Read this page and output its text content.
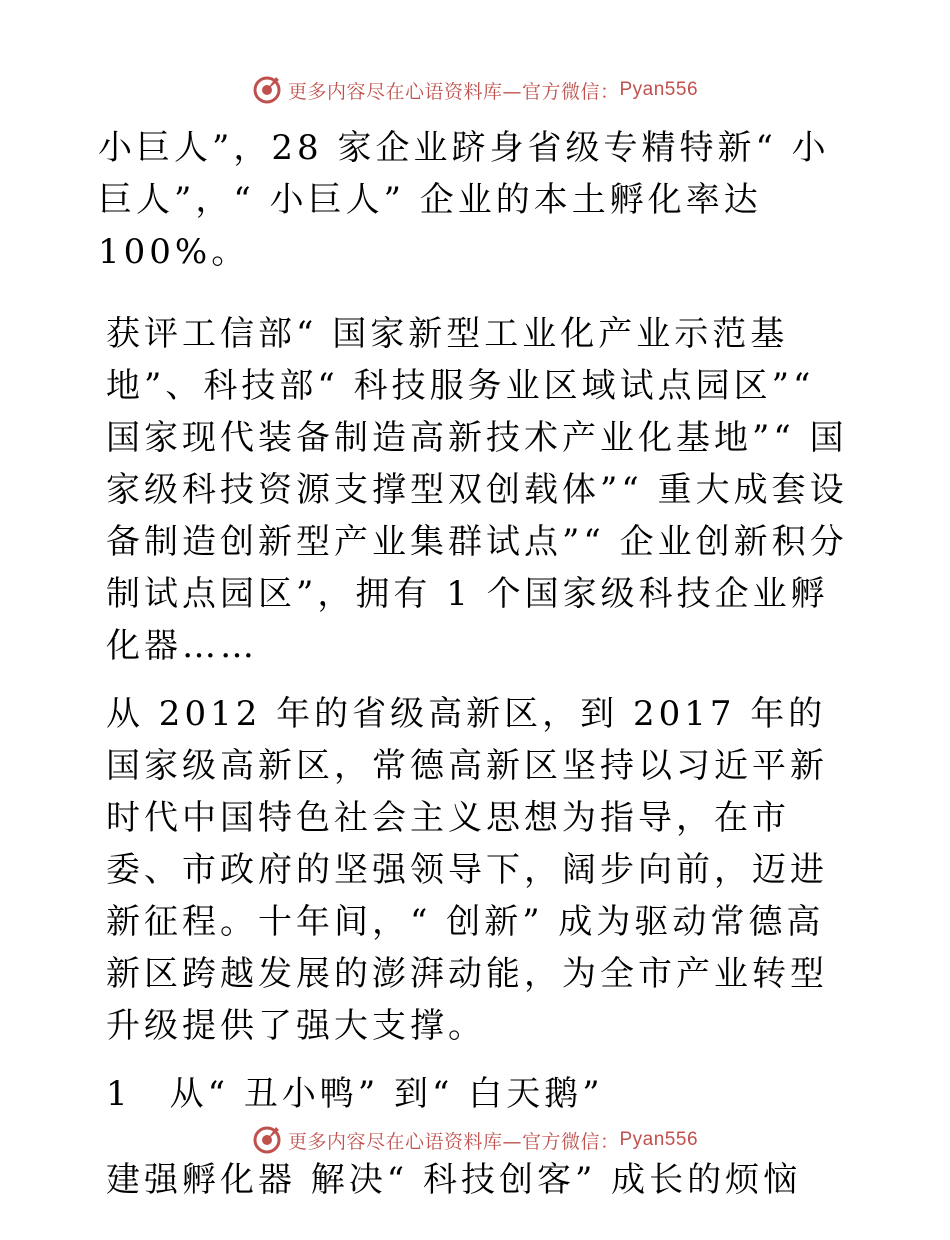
更多内容尽在心语资料库—官方微信： Pyan556

小巨人”，28 家企业跻身省级专精特新“ 小巨人”，“ 小巨人” 企业的本土孵化率达 100%。

获评工信部“ 国家新型工业化产业示范基地”、科技部“ 科技服务业区域试点园区”“ 国家现代装备制造高新技术产业化基地”“ 国家级科技资源支撑型双创载体”“ 重大成套设备制造创新型产业集群试点”“ 企业创新积分制试点园区”，拥有 1 个国家级科技企业孵化器……

从 2012 年的省级高新区，到 2017 年的国家级高新区，常德高新区坚持以习近平新时代中国特色社会主义思想为指导，在市委、市政府的坚强领导下，阔步向前，迈进新征程。十年间，“ 创新” 成为驱动常德高新区跨越发展的澎湃动能，为全市产业转型升级提供了强大支撑。

1　从“ 丑小鸭” 到“ 白天鹅”

建强孵化器 解决“ 科技创客” 成长的烦恼

更多内容尽在心语资料库—官方微信： Pyan556
